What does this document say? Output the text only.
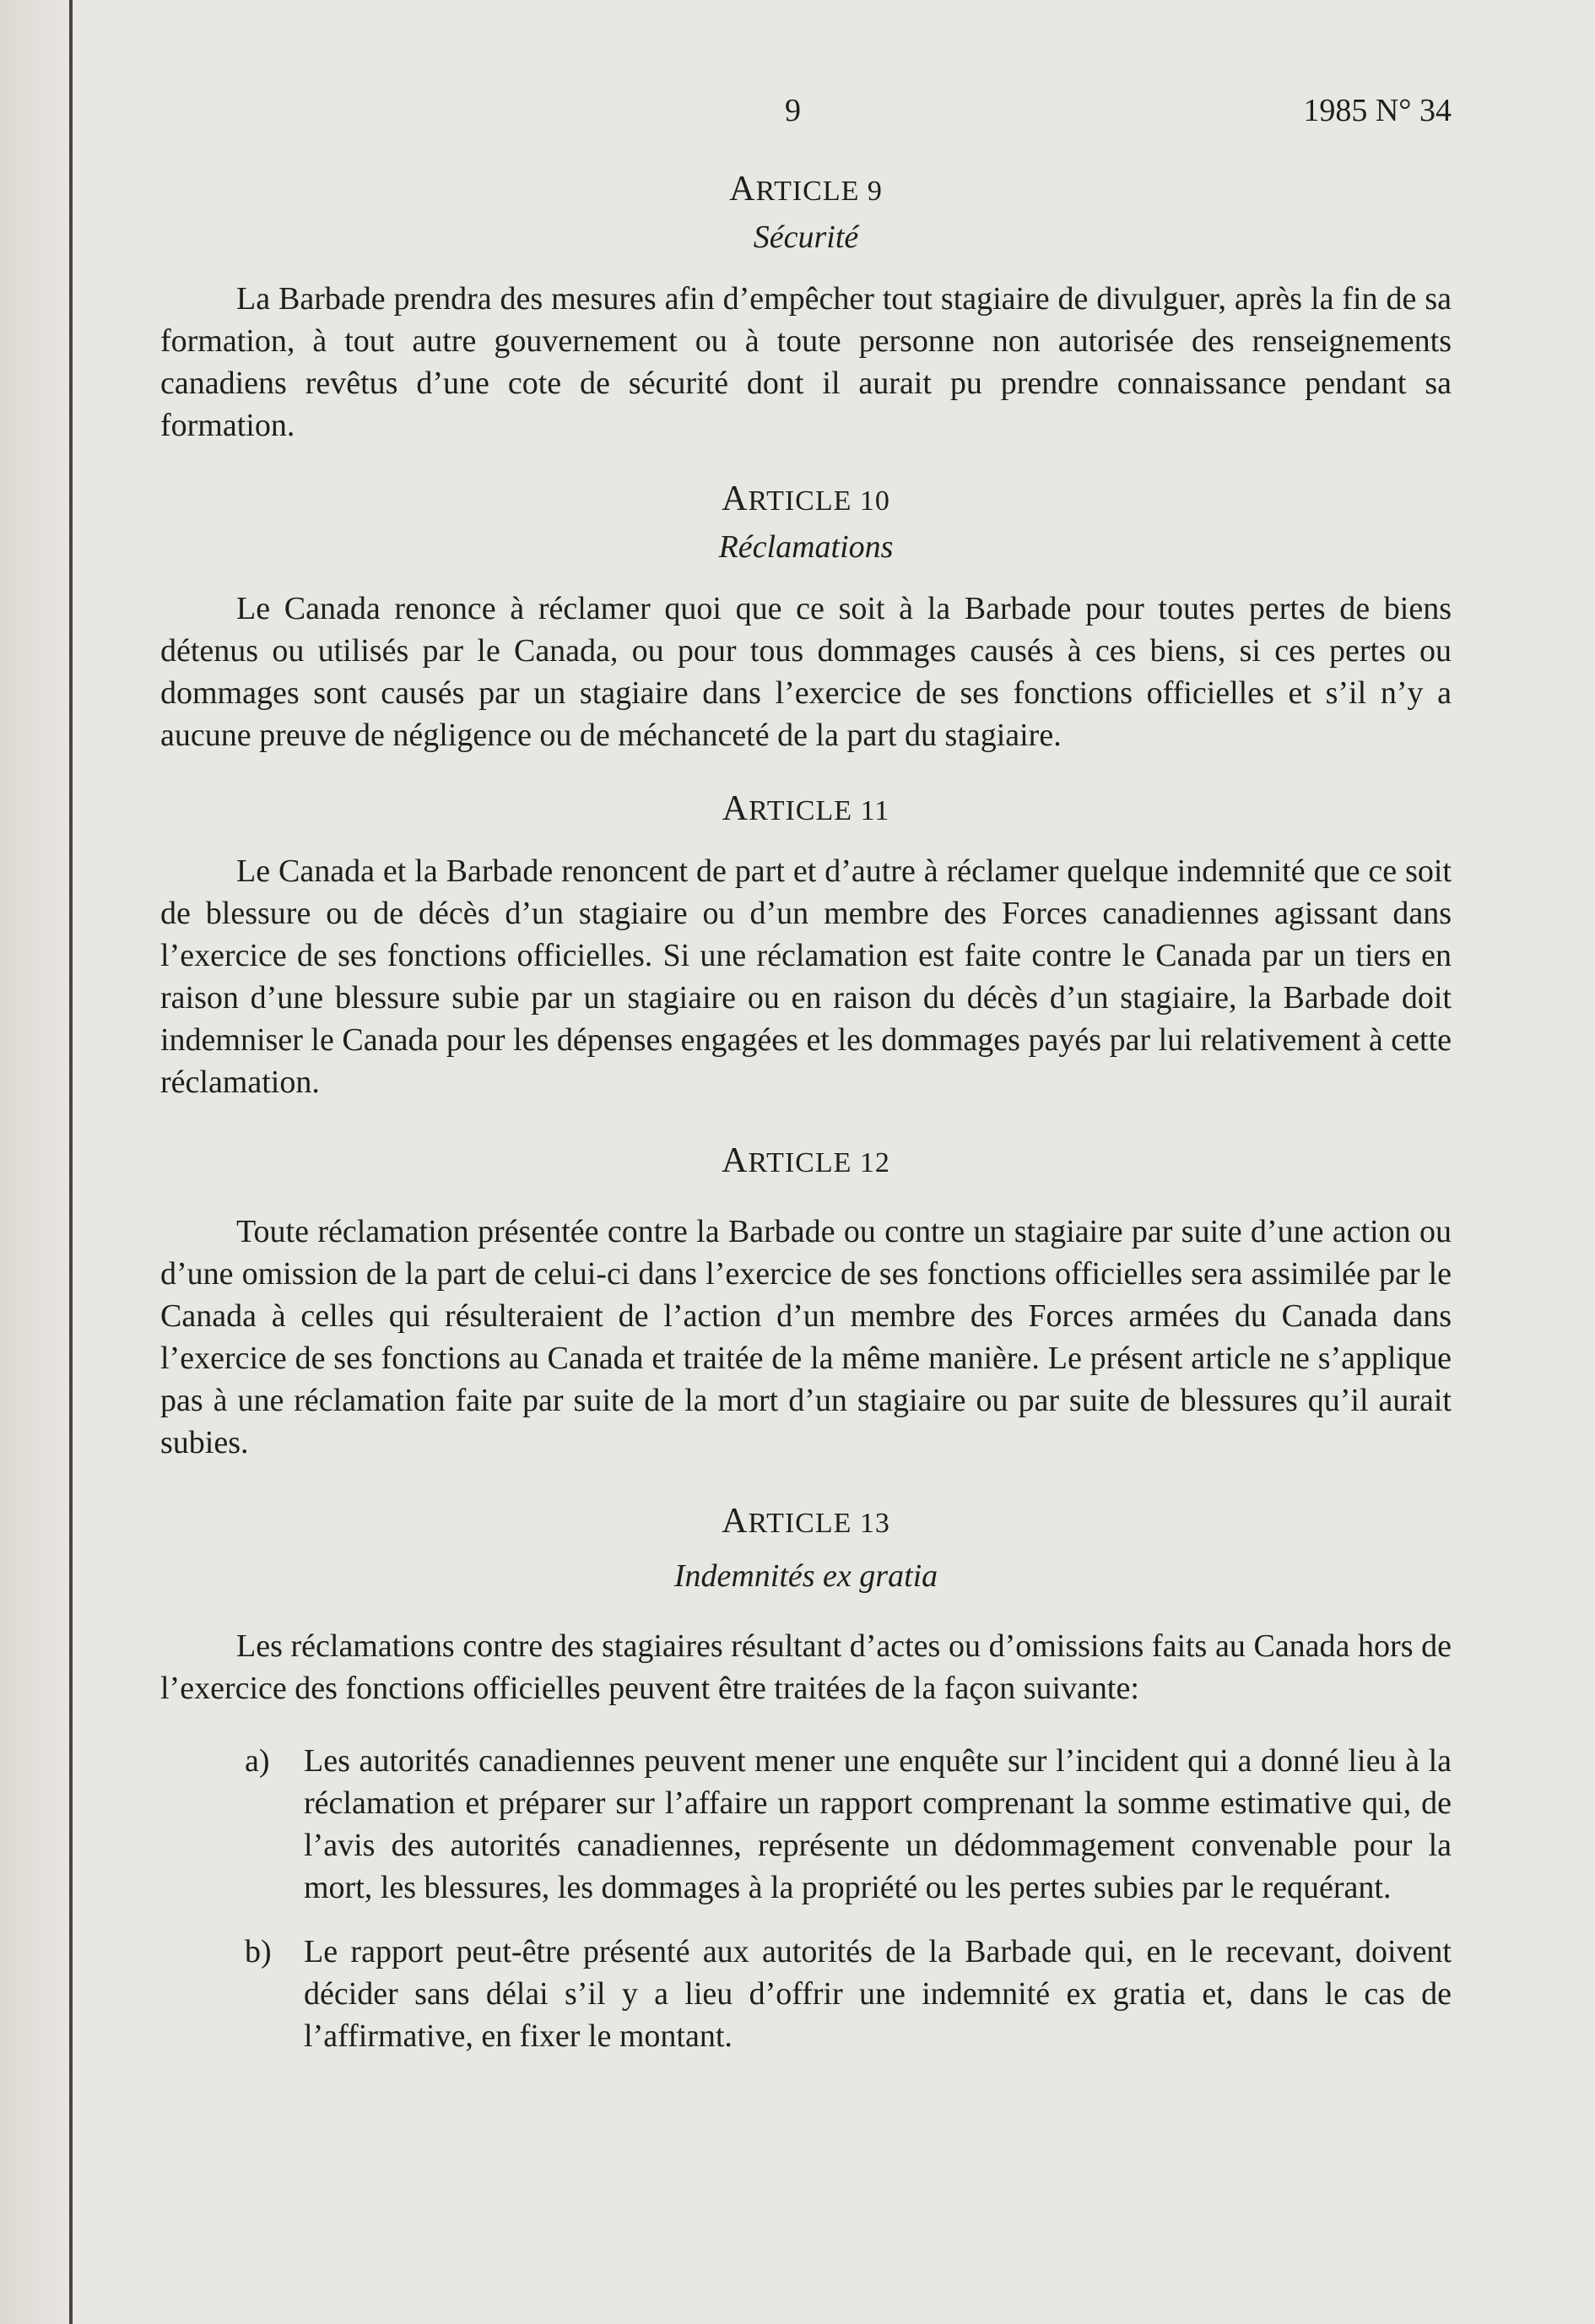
9	1985 N° 34
ARTICLE 9
Sécurité

La Barbade prendra des mesures afin d’empêcher tout stagiaire de divulguer, après la fin de sa formation, à tout autre gouvernement ou à toute personne non autorisée des renseignements canadiens revêtus d’une cote de sécurité dont il aurait pu prendre connaissance pendant sa formation.

ARTICLE 10
Réclamations

Le Canada renonce à réclamer quoi que ce soit à la Barbade pour toutes pertes de biens détenus ou utilisés par le Canada, ou pour tous dommages causés à ces biens, si ces pertes ou dommages sont causés par un stagiaire dans l’exercice de ses fonctions officielles et s’il n’y a aucune preuve de négligence ou de méchanceté de la part du stagiaire.

ARTICLE 11

Le Canada et la Barbade renoncent de part et d’autre à réclamer quelque indemnité que ce soit de blessure ou de décès d’un stagiaire ou d’un membre des Forces canadiennes agissant dans l’exercice de ses fonctions officielles. Si une réclamation est faite contre le Canada par un tiers en raison d’une blessure subie par un stagiaire ou en raison du décès d’un stagiaire, la Barbade doit indemniser le Canada pour les dépenses engagées et les dommages payés par lui relativement à cette réclamation.

ARTICLE 12

Toute réclamation présentée contre la Barbade ou contre un stagiaire par suite d’une action ou d’une omission de la part de celui-ci dans l’exercice de ses fonctions officielles sera assimilée par le Canada à celles qui résulteraient de l’action d’un membre des Forces armées du Canada dans l’exercice de ses fonctions au Canada et traitée de la même manière. Le présent article ne s’applique pas à une réclamation faite par suite de la mort d’un stagiaire ou par suite de blessures qu’il aurait subies.

ARTICLE 13
Indemnités ex gratia

Les réclamations contre des stagiaires résultant d’actes ou d’omissions faits au Canada hors de l’exercice des fonctions officielles peuvent être traitées de la façon suivante:

a)	Les autorités canadiennes peuvent mener une enquête sur l’incident qui a donné lieu à la réclamation et préparer sur l’affaire un rapport comprenant la somme estimative qui, de l’avis des autorités canadiennes, représente un dédommagement convenable pour la mort, les blessures, les dommages à la propriété ou les pertes subies par le requérant.
b)	Le rapport peut-être présenté aux autorités de la Barbade qui, en le recevant, doivent décider sans délai s’il y a lieu d’offrir une indemnité ex gratia et, dans le cas de l’affirmative, en fixer le montant.
